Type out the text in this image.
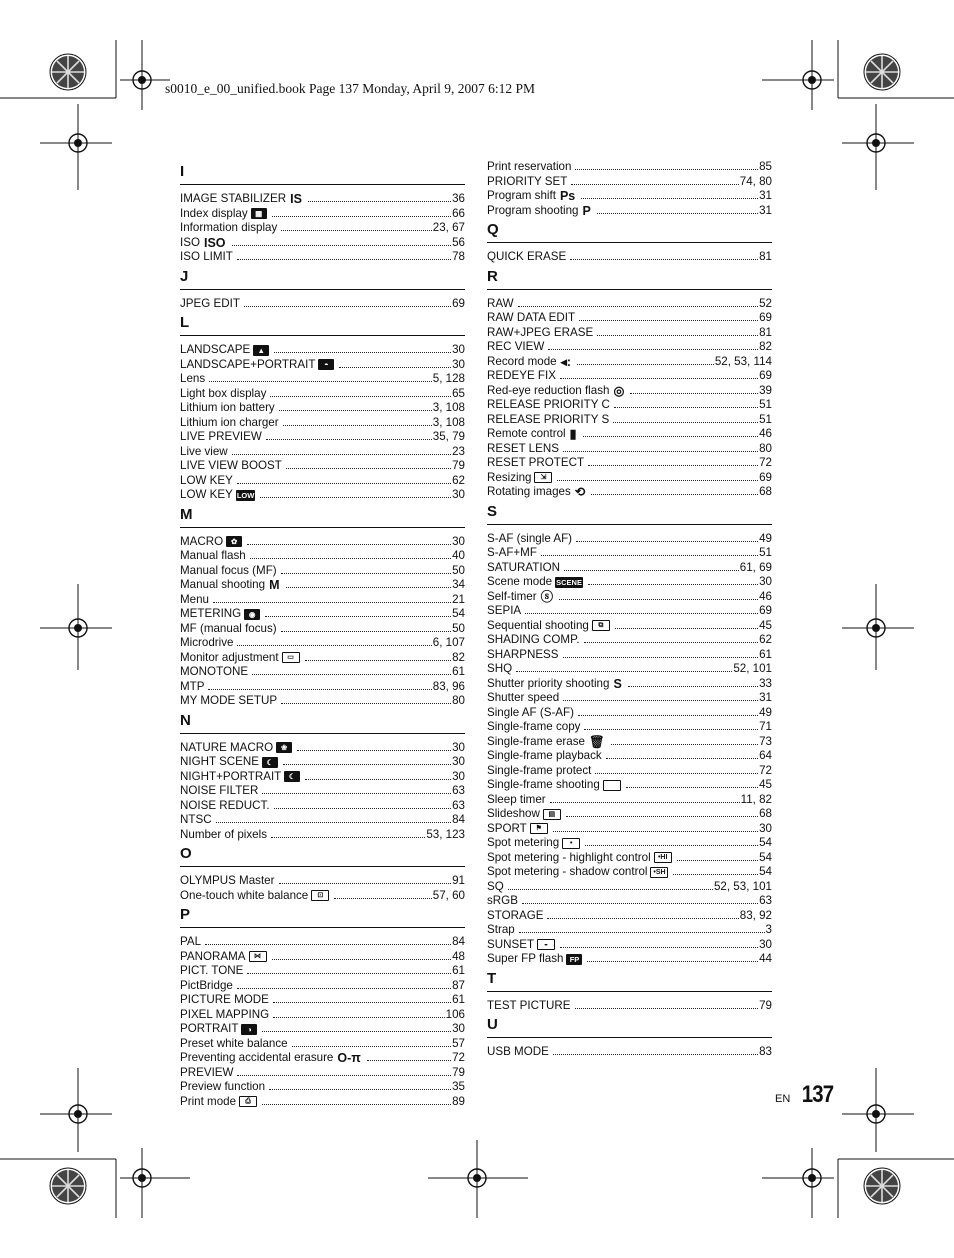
s0010_e_00_unified.book Page 137 Monday, April 9, 2007 6:12 PM
I
IMAGE STABILIZER IS	36
Index display ▦	66
Information display	23, 67
ISO ISO	56
ISO LIMIT	78
J
JPEG EDIT	69
L
LANDSCAPE ▲	30
LANDSCAPE+PORTRAIT	◓	30
Lens	5, 128
Light box display	65
Lithium ion battery	3, 108
Lithium ion charger	3, 108
LIVE PREVIEW	35, 79
Live view	23
LIVE VIEW BOOST	79
LOW KEY	62
LOW KEY LOW	30
M
MACRO	✿	30
Manual flash	40
Manual focus (MF)	50
Manual shooting M	34
Menu	21
METERING	◉	54
MF (manual focus)	50
Microdrive	6, 107
Monitor adjustment	▭	82
MONOTONE	61
MTP	83, 96
MY MODE SETUP	80
N
NATURE MACRO	❀	30
NIGHT SCENE	☾	30
NIGHT+PORTRAIT	☾	30
NOISE FILTER	63
NOISE REDUCT.	63
NTSC	84
Number of pixels	53, 123
O
OLYMPUS Master	91
One-touch white balance	⊡	57, 60
P
PAL	84
PANORAMA	⋈	48
PICT. TONE	61
PictBridge	87
PICTURE MODE	61
PIXEL MAPPING	106
PORTRAIT	◑	30
Preset white balance	57
Preventing accidental erasure O-π	72
PREVIEW	79
Preview function	35
Print mode	⎙	89
Print reservation	85
PRIORITY SET	74, 80
Program shift Ps	31
Program shooting P	31
Q
QUICK ERASE	81
R
RAW	52
RAW DATA EDIT	69
RAW+JPEG ERASE	81
REC VIEW	82
Record mode ◂:	52, 53, 114
REDEYE FIX	69
Red-eye reduction flash ◎	39
RELEASE PRIORITY C	51
RELEASE PRIORITY S	51
Remote control ▮	46
RESET LENS	80
RESET PROTECT	72
Resizing	⇲	69
Rotating images ⟲	68
S
S-AF (single AF)	49
S-AF+MF	51
SATURATION	61, 69
Scene mode SCENE	30
Self-timer ⓢ	46
SEPIA	69
Sequential shooting	⧉	45
SHADING COMP.	62
SHARPNESS	61
SHQ	52, 101
Shutter priority shooting S	33
Shutter speed	31
Single AF (S-AF)	49
Single-frame copy	71
Single-frame erase 🗑	73
Single-frame playback	64
Single-frame protect	72
Single-frame shooting	45
Sleep timer	11, 82
Slideshow	▤	68
SPORT	⚑	30
Spot metering	•	54
Spot metering - highlight control	•HI	54
Spot metering - shadow control •SH	54
SQ	52, 53, 101
sRGB	63
STORAGE	83, 92
Strap	3
SUNSET	◒	30
Super FP flash FP	44
T
TEST PICTURE	79
U
USB MODE	83
EN 137
